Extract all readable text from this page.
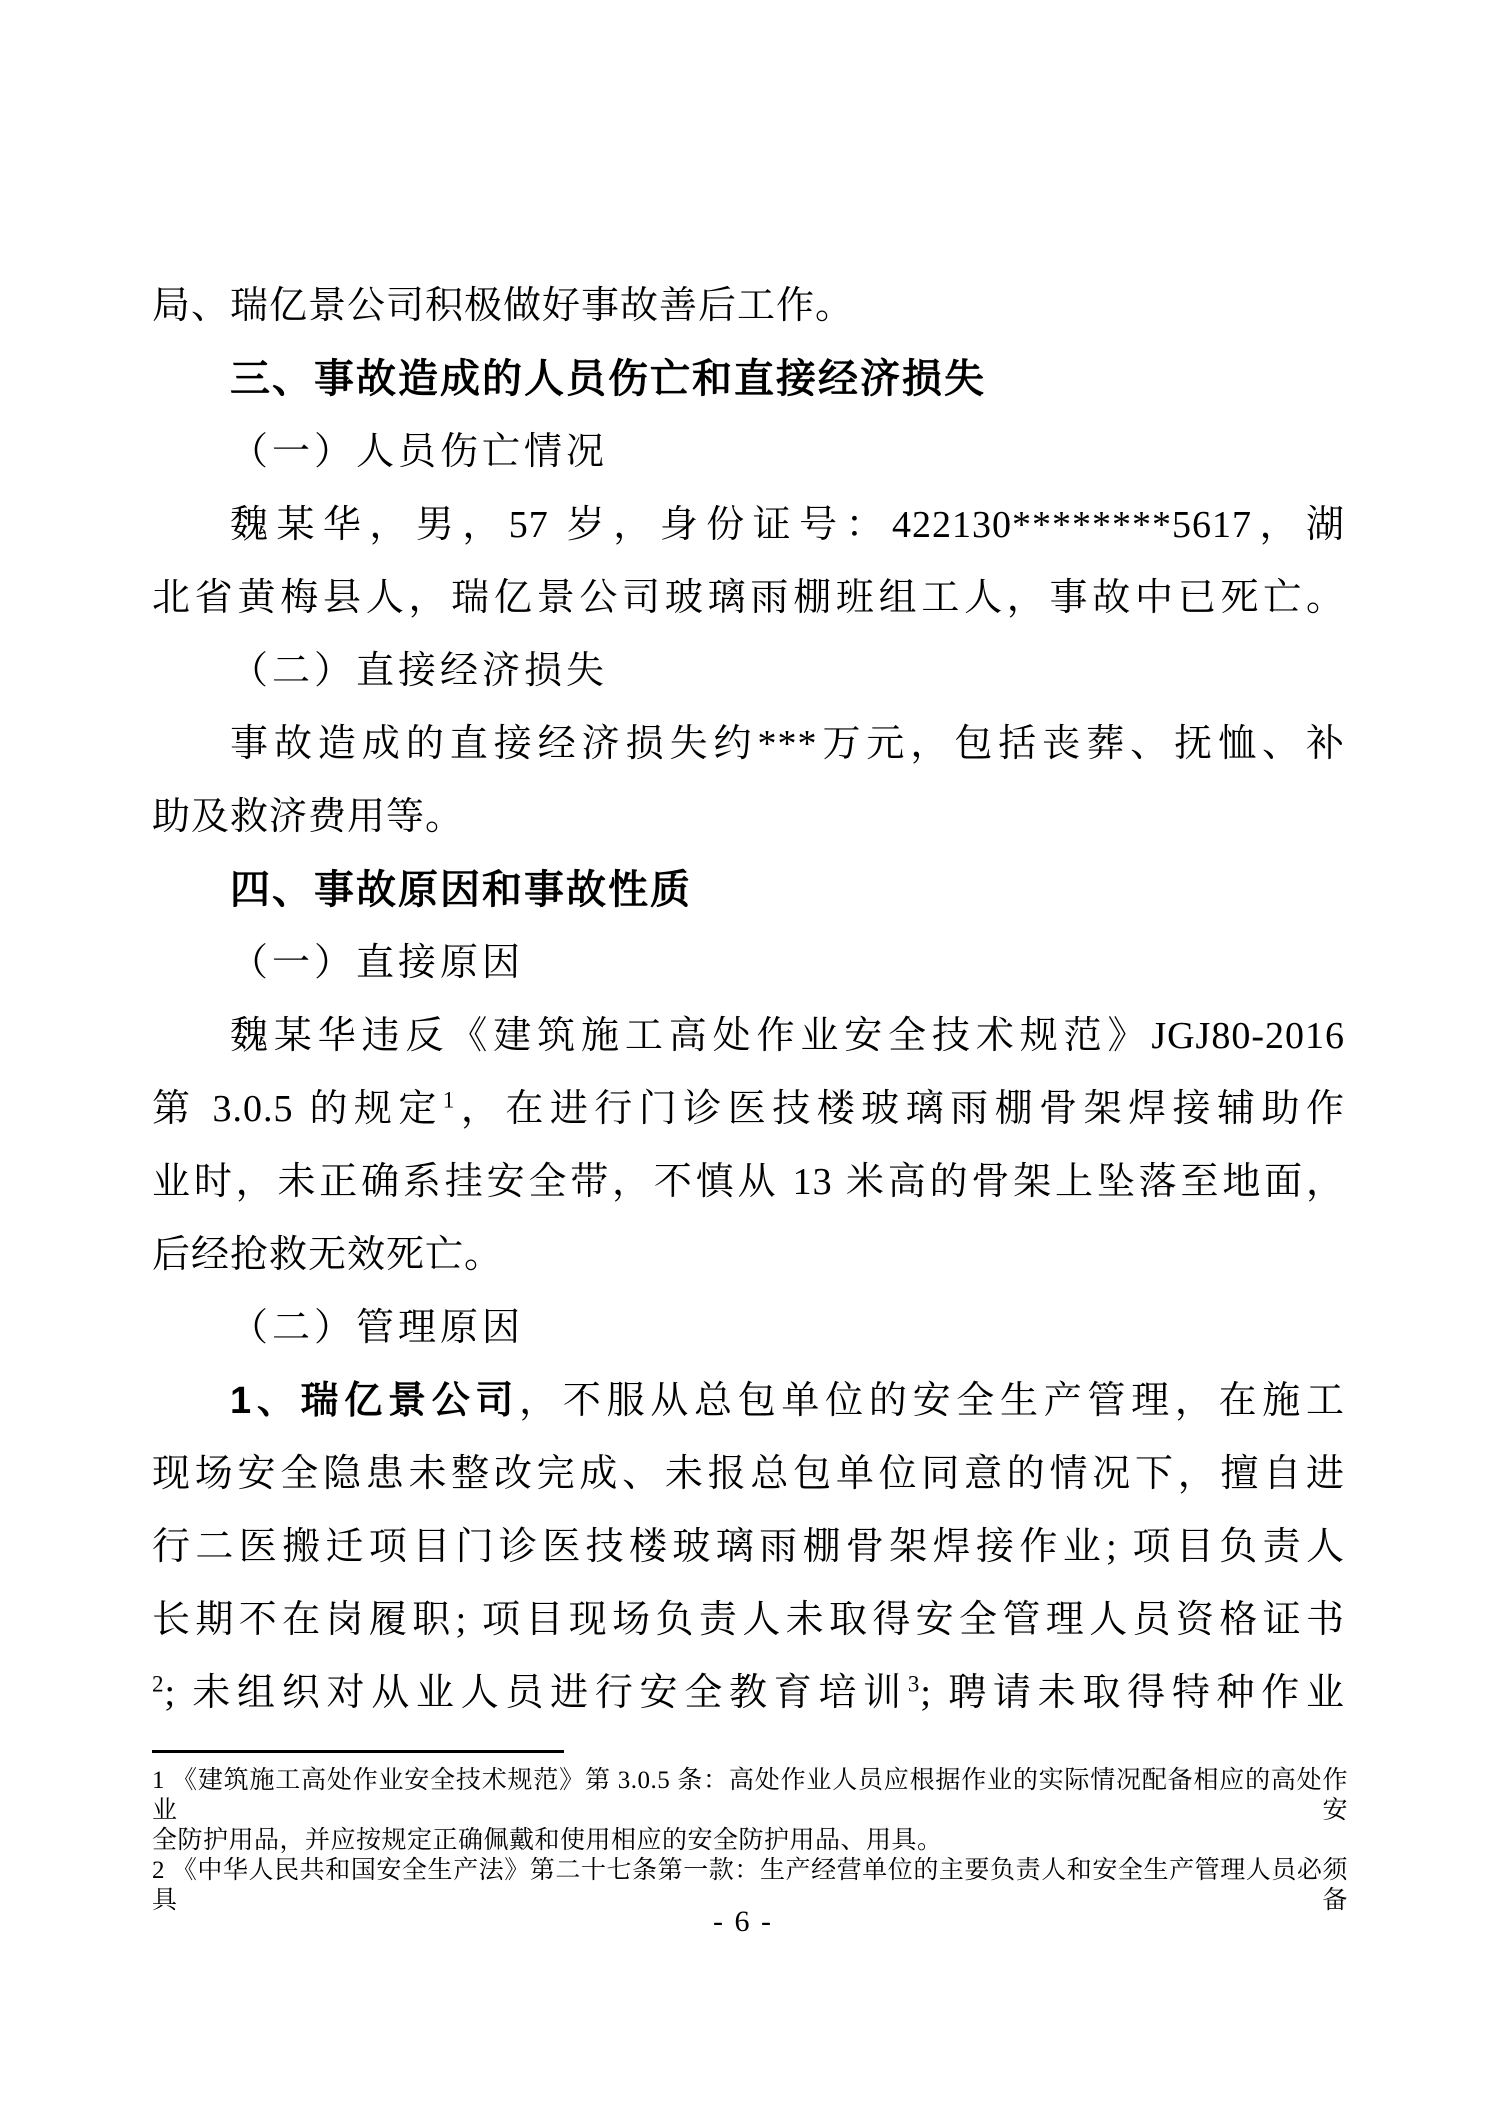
局、瑞亿景公司积极做好事故善后工作。
三、事故造成的人员伤亡和直接经济损失
（一）人员伤亡情况
魏某华，男，57 岁，身份证号：422130********5617，湖
北省黄梅县人，瑞亿景公司玻璃雨棚班组工人，事故中已死亡。
（二）直接经济损失
事故造成的直接经济损失约***万元，包括丧葬、抚恤、补
助及救济费用等。
四、事故原因和事故性质
（一）直接原因
魏某华违反《建筑施工高处作业安全技术规范》JGJ80-2016
第 3.0.5 的规定$^1$，在进行门诊医技楼玻璃雨棚骨架焊接辅助作
业时，未正确系挂安全带，不慎从 13 米高的骨架上坠落至地面，
后经抢救无效死亡。
（二）管理原因
1、瑞亿景公司，不服从总包单位的安全生产管理，在施工
现场安全隐患未整改完成、未报总包单位同意的情况下，擅自进
行二医搬迁项目门诊医技楼玻璃雨棚骨架焊接作业; 项目负责人
长期不在岗履职; 项目现场负责人未取得安全管理人员资格证书
$^2$; 未组织对从业人员进行安全教育培训$^3$; 聘请未取得特种作业
1 《建筑施工高处作业安全技术规范》第 3.0.5 条：高处作业人员应根据作业的实际情况配备相应的高处作业安
全防护用品，并应按规定正确佩戴和使用相应的安全防护用品、用具。
2 《中华人民共和国安全生产法》第二十七条第一款：生产经营单位的主要负责人和安全生产管理人员必须具备
- 6 -
